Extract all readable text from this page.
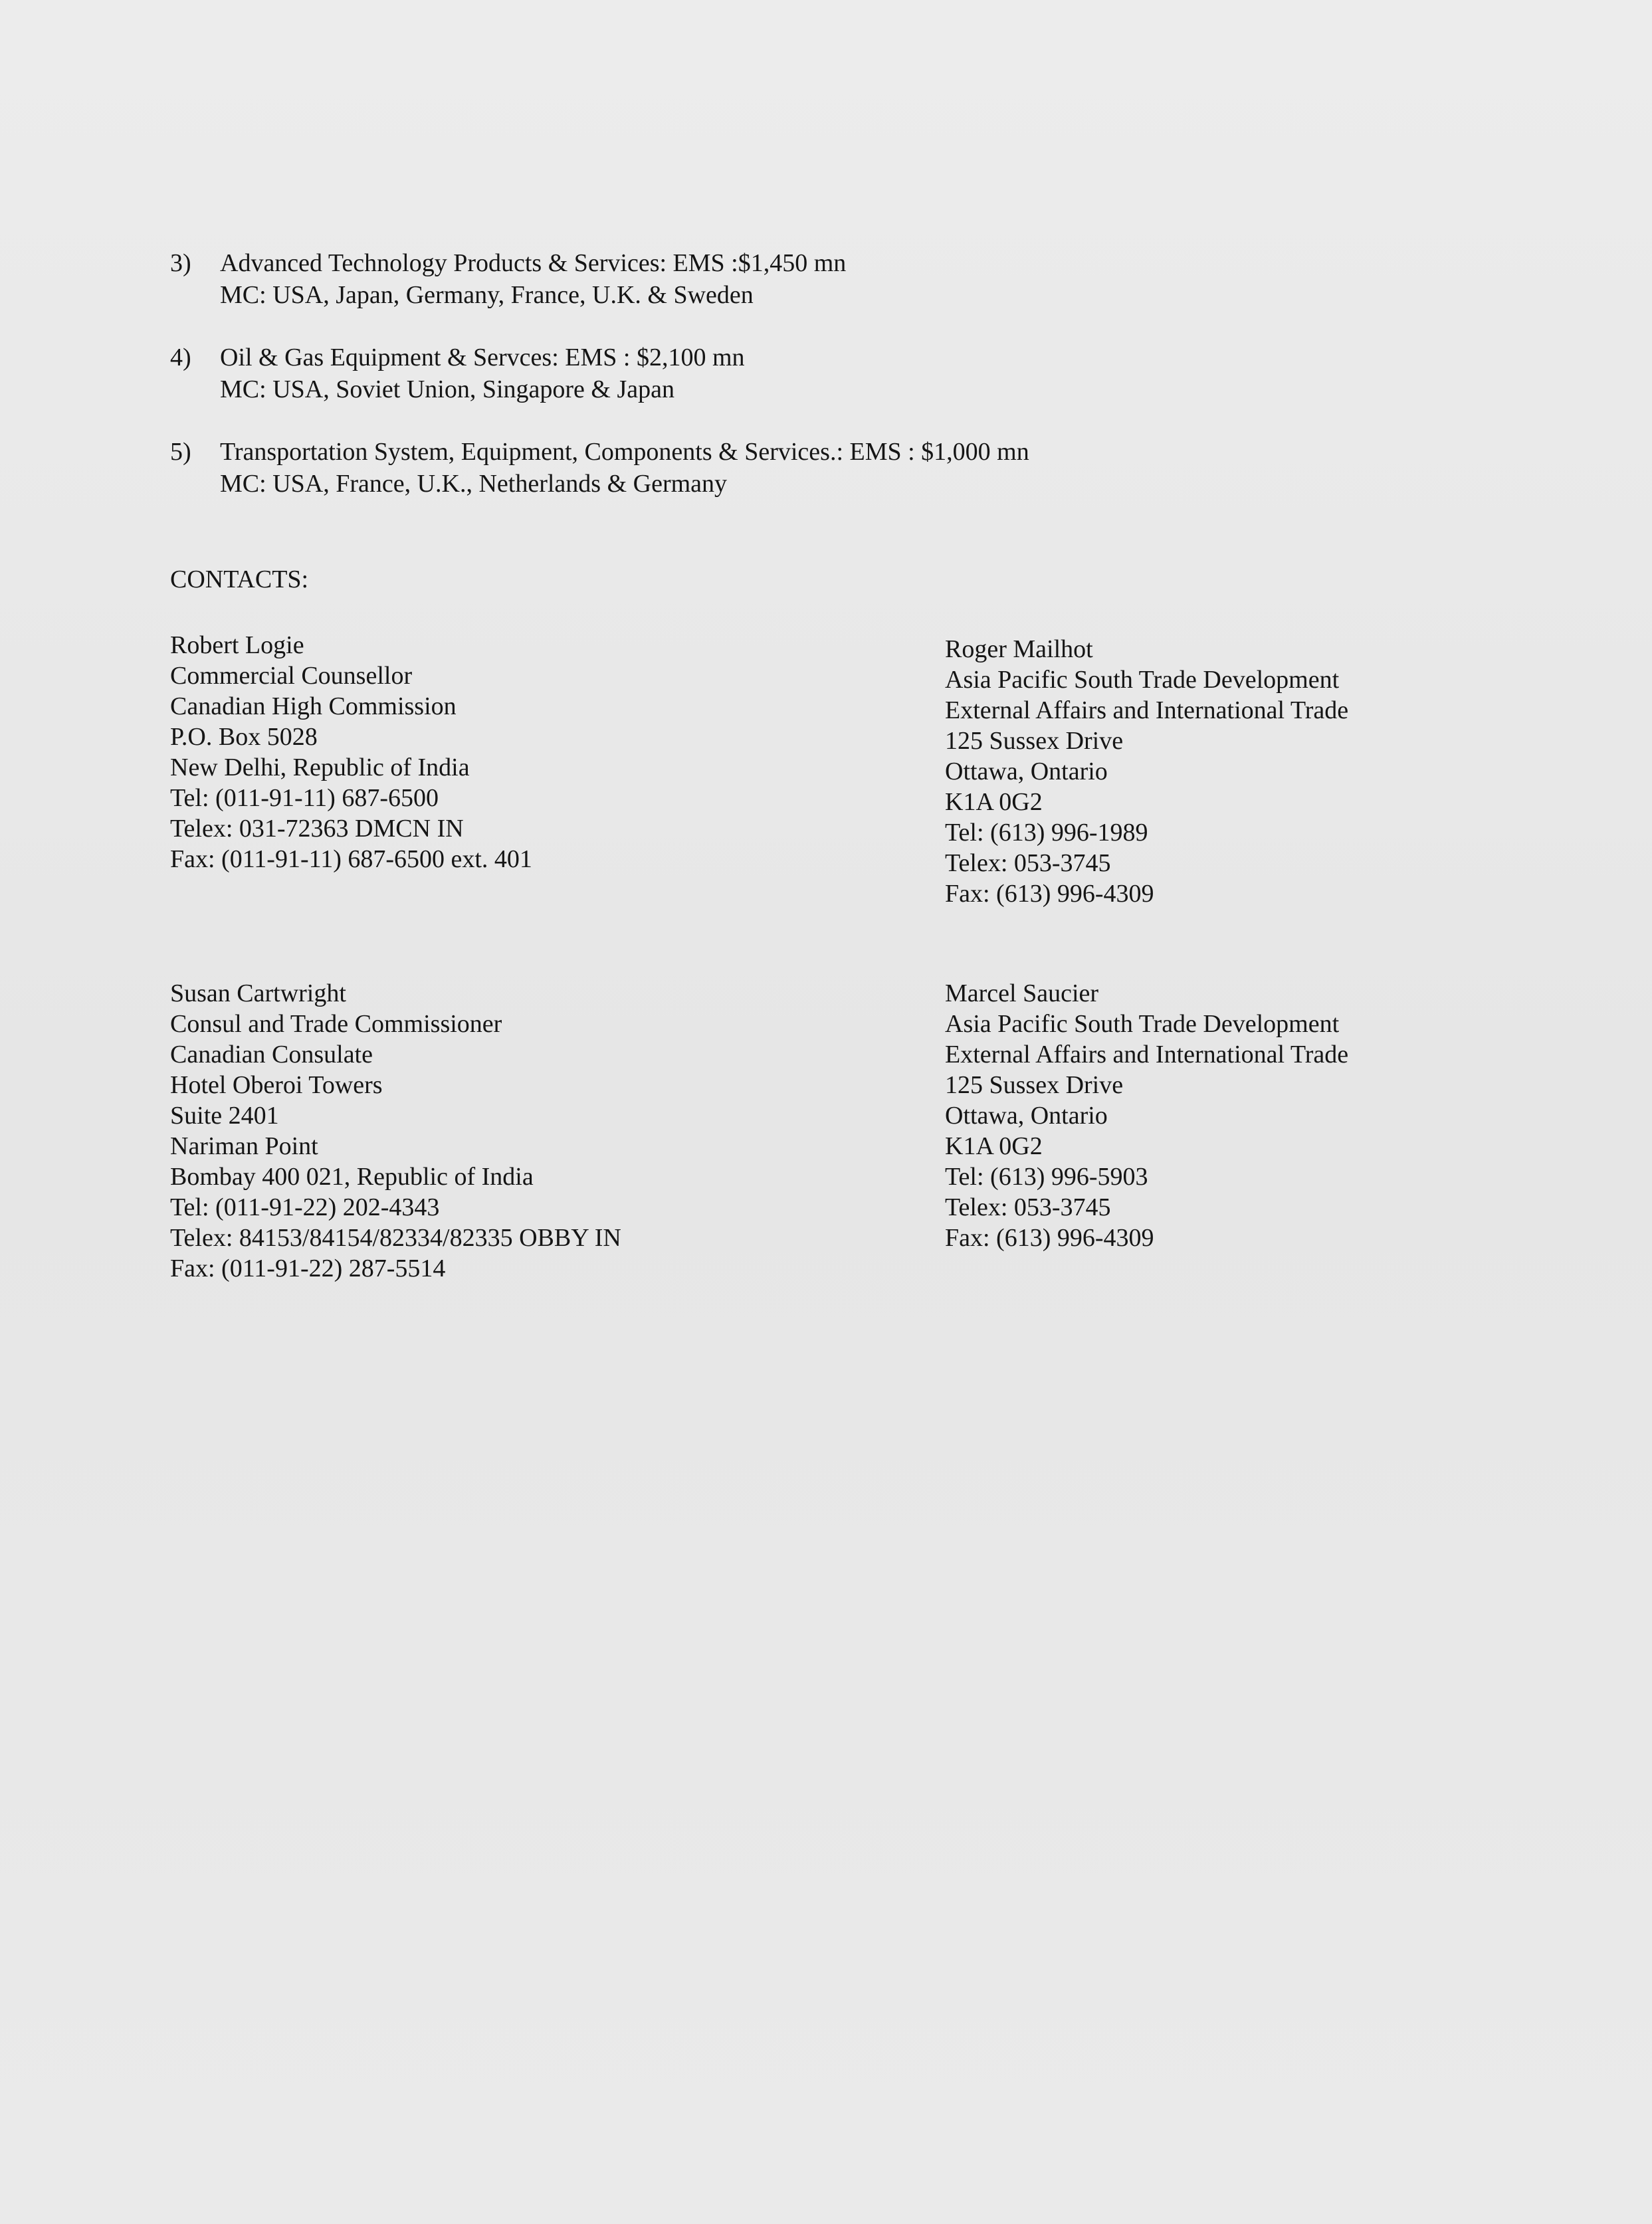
3)	Advanced Technology Products & Services: EMS :$1,450 mn
MC: USA, Japan, Germany, France, U.K. & Sweden
4)	Oil & Gas Equipment & Servces: EMS : $2,100 mn
MC: USA, Soviet Union, Singapore & Japan
5)	Transportation System, Equipment, Components & Services.: EMS : $1,000 mn
MC: USA, France, U.K., Netherlands & Germany
CONTACTS:
Robert Logie
Commercial Counsellor
Canadian High Commission
P.O. Box 5028
New Delhi, Republic of India
Tel: (011-91-11) 687-6500
Telex: 031-72363 DMCN IN
Fax: (011-91-11) 687-6500 ext. 401
Roger Mailhot
Asia Pacific South Trade Development
External Affairs and International Trade
125 Sussex Drive
Ottawa, Ontario
K1A 0G2
Tel: (613) 996-1989
Telex: 053-3745
Fax: (613) 996-4309
Susan Cartwright
Consul and Trade Commissioner
Canadian Consulate
Hotel Oberoi Towers
Suite 2401
Nariman Point
Bombay 400 021, Republic of India
Tel: (011-91-22) 202-4343
Telex: 84153/84154/82334/82335 OBBY IN
Fax: (011-91-22) 287-5514
Marcel Saucier
Asia Pacific South Trade Development
External Affairs and International Trade
125 Sussex Drive
Ottawa, Ontario
K1A 0G2
Tel: (613) 996-5903
Telex: 053-3745
Fax: (613) 996-4309
